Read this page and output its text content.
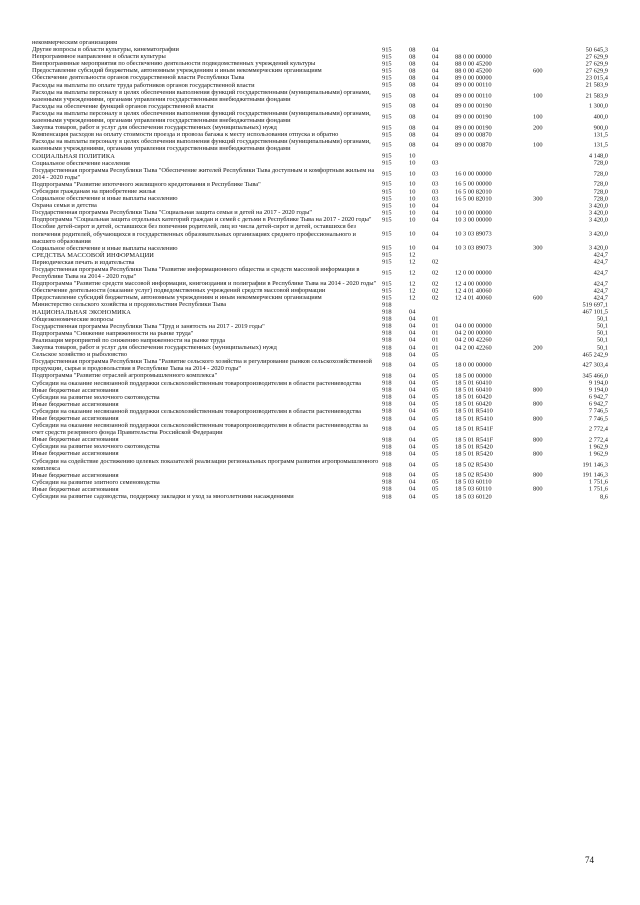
некоммерческим организациям
Другие вопросы в области культуры, кинематографии	915	08	04	50 645,3
Непрограммное направление в области культуры	915	08	04	88 0 00 00000	27 629,9
Внепрограммные мероприятия по обеспечению деятельности подведомственных учреждений культуры	915	08	04	88 0 00 45200	27 629,9
Предоставление субсидий бюджетным, автономным учреждениям и иным некоммерческим организациям	915	08	04	88 0 00 45200	600	27 629,9
Обеспечение деятельности органов государственной власти Республики Тыва	915	08	04	89 0 00 00000	23 015,4
Расходы на выплаты по оплате труда работников органов государственной власти	915	08	04	89 0 00 00110	21 583,9
Расходы на выплаты персоналу в целях обеспечения выполнения функций государственными (муниципальными) органами, казенными учреждениями, органами управления государственными внебюджетными фондами
915	08	04	89 0 00 00110	100	21 583,9
Расходы на обеспечение функций органов государственной власти	915	08	04	89 0 00 00190	1 300,0
Расходы на выплаты персоналу в целях обеспечения выполнения функций государственными (муниципальными) органами, казенными учреждениями, органами управления государственными внебюджетными фондами
915	08	04	89 0 00 00190	100	400,0
Закупка товаров, работ и услуг для обеспечения государственных (муниципальных) нужд	915	08	04	89 0 00 00190	200	900,0
Компенсация расходов на оплату стоимости проезда и провоза багажа к месту использования отпуска и обратно	915	08	04	89 0 00 00870	131,5
Расходы на выплаты персоналу в целях обеспечения выполнения функций государственными (муниципальными) органами, казенными учреждениями, органами управления государственными внебюджетными фондами
915	08	04	89 0 00 00870	100	131,5
СОЦИАЛЬНАЯ ПОЛИТИКА	915	10	4 148,0
Социальное обеспечение населения	915	10	03	728,0
Государственная программа Республики Тыва "Обеспечение жителей Республики Тыва доступным и комфортным жильем на 2014 - 2020 годы"
915	10	03	16 0 00 00000	728,0
Подпрограмма "Развитие ипотечного жилищного кредитования в Республике Тыва"	915	10	03	16 5 00 00000	728,0
Субсидии гражданам на приобретение жилья	915	10	03	16 5 00 82010	728,0
Социальное обеспечение и иные выплаты населению	915	10	03	16 5 00 82010	300	728,0
Охрана семьи и детства	915	10	04	3 420,0
Государственная программа Республики Тыва "Социальная защита семьи и детей на 2017 - 2020 годы"	915	10	04	10 0 00 00000	3 420,0
Подпрограмма "Социальная защита отдельных категорий граждан и семей с детьми в Республике Тыва на 2017 - 2020 годы"	915	10	04	10 3 00 00000	3 420,0
Пособие детей-сирот и детей, оставшихся без попечения родителей, лиц из числа детей-сирот и детей, оставшихся без попечения родителей, обучающихся в государственных образовательных организациях среднего профессионального и высшего образования
915	10	04	10 3 03 89073	3 420,0
Социальное обеспечение и иные выплаты населению	915	10	04	10 3 03 89073	300	3 420,0
СРЕДСТВА МАССОВОЙ ИНФОРМАЦИИ	915	12	424,7
Периодическая печать и издательства	915	12	02	424,7
Государственная программа Республики Тыва "Развитие информационного общества и средств массовой информации в Республике Тыва на 2014 - 2020 годы"
915	12	02	12 0 00 00000	424,7
Подпрограмма "Развитие средств массовой информации, книгоиздания и полиграфии в Республике Тыва на 2014 - 2020 годы" 915	12	02	12 4 00 00000	424,7
Обеспечение деятельности (оказание услуг) подведомственных учреждений средств массовой информации	915	12	02	12 4 01 40060	424,7
Предоставление субсидий бюджетным, автономным учреждениям и иным некоммерческим организациям	915	12	02	12 4 01 40060	600	424,7
Министерство сельского хозяйства и продовольствия Республики Тыва	918	519 697,1
НАЦИОНАЛЬНАЯ ЭКОНОМИКА	918	04	467 101,5
Общеэкономические вопросы	918	04	01	50,1
Государственная программа Республики Тыва "Труд и занятость на 2017 - 2019 годы"	918	04	01	04 0 00 00000	50,1
Подпрограмма "Снижение напряженности на рынке труда"	918	04	01	04 2 00 00000	50,1
Реализация мероприятий по снижению напряженности на рынке труда	918	04	01	04 2 00 42260	50,1
Закупка товаров, работ и услуг для обеспечения государственных (муниципальных) нужд	918	04	01	04 2 00 42260	200	50,1
Сельское хозяйство и рыболовство	918	04	05	465 242,9
Государственная программа Республики Тыва "Развитие сельского хозяйства и регулирование рынков сельскохозяйственной продукции, сырья и продовольствия в Республике Тыва на 2014 - 2020 годы"
918	04	05	18 0 00 00000	427 303,4
Подпрограмма "Развитие отраслей агропромышленного комплекса"	918	04	05	18 5 00 00000	345 466,0
Субсидии на оказание несвязанной поддержки сельскохозяйственным товаропроизводителям в области растениеводства	918	04	05	18 5 01 60410	9 194,0
Иные бюджетные ассигнования	918	04	05	18 5 01 60410	800	9 194,0
Субсидии на развитие молочного скотоводства	918	04	05	18 5 01 60420	6 942,7
Иные бюджетные ассигнования	918	04	05	18 5 01 60420	800	6 942,7
Субсидии на оказание несвязанной поддержки сельскохозяйственным товаропроизводителям в области растениеводства	918	04	05	18 5 01 R5410	7 746,5
Иные бюджетные ассигнования	918	04	05	18 5 01 R5410	800	7 746,5
Субсидии на оказание несвязанной поддержки сельскохозяйственным товаропроизводителям в области растениеводства за счет средств резервного фонда Правительства Российской Федерации
918	04	05	18 5 01 R541F	2 772,4
Иные бюджетные ассигнования	918	04	05	18 5 01 R541F	800	2 772,4
Субсидии на развитие молочного скотоводства	918	04	05	18 5 01 R5420	1 962,9
Иные бюджетные ассигнования	918	04	05	18 5 01 R5420	800	1 962,9
Субсидии на содействие достижению целевых показателей реализации региональных программ развития агропромышленного комплекса
918	04	05	18 5 02 R5430	191 146,3
Иные бюджетные ассигнования	918	04	05	18 5 02 R5430	800	191 146,3
Субсидии на развитие элитного семеноводства	918	04	05	18 5 03 60110	1 751,6
Иные бюджетные ассигнования	918	04	05	18 5 03 60110	800	1 751,6
Субсидии на развитие садоводства, поддержку закладки и уход за многолетними насаждениями	918	04	05	18 5 03 60120	8,6
74
